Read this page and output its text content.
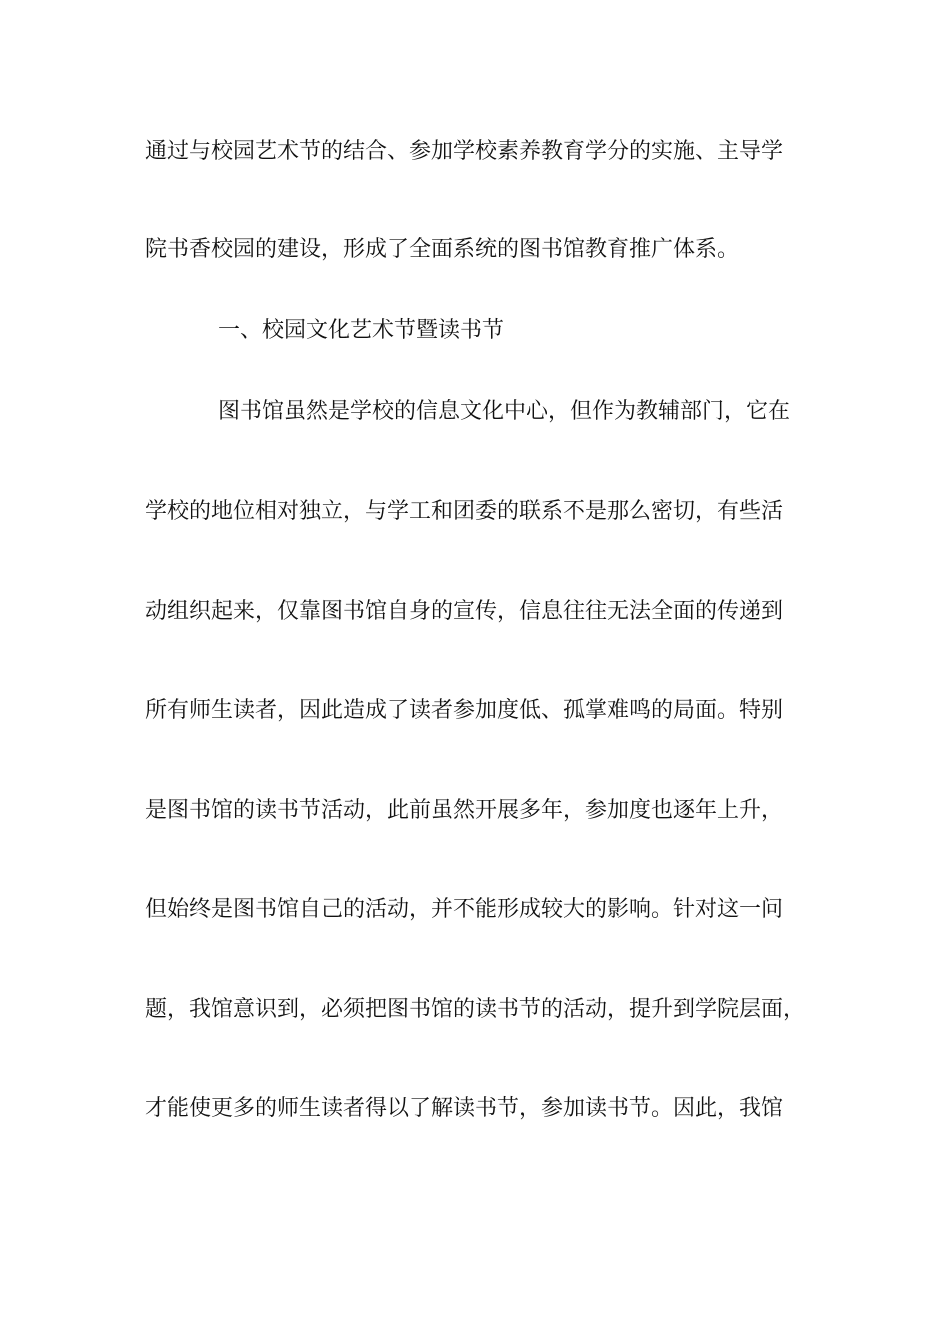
通过与校园艺术节的结合、参加学校素养教育学分的实施、主导学
院书香校园的建设，形成了全面系统的图书馆教育推广体系。
一、校园文化艺术节暨读书节
图书馆虽然是学校的信息文化中心，但作为教辅部门，它在
学校的地位相对独立，与学工和团委的联系不是那么密切，有些活
动组织起来，仅靠图书馆自身的宣传，信息往往无法全面的传递到
所有师生读者，因此造成了读者参加度低、孤掌难鸣的局面。特别
是图书馆的读书节活动，此前虽然开展多年，参加度也逐年上升，
但始终是图书馆自己的活动，并不能形成较大的影响。针对这一问
题，我馆意识到，必须把图书馆的读书节的活动，提升到学院层面，
才能使更多的师生读者得以了解读书节，参加读书节。因此，我馆
